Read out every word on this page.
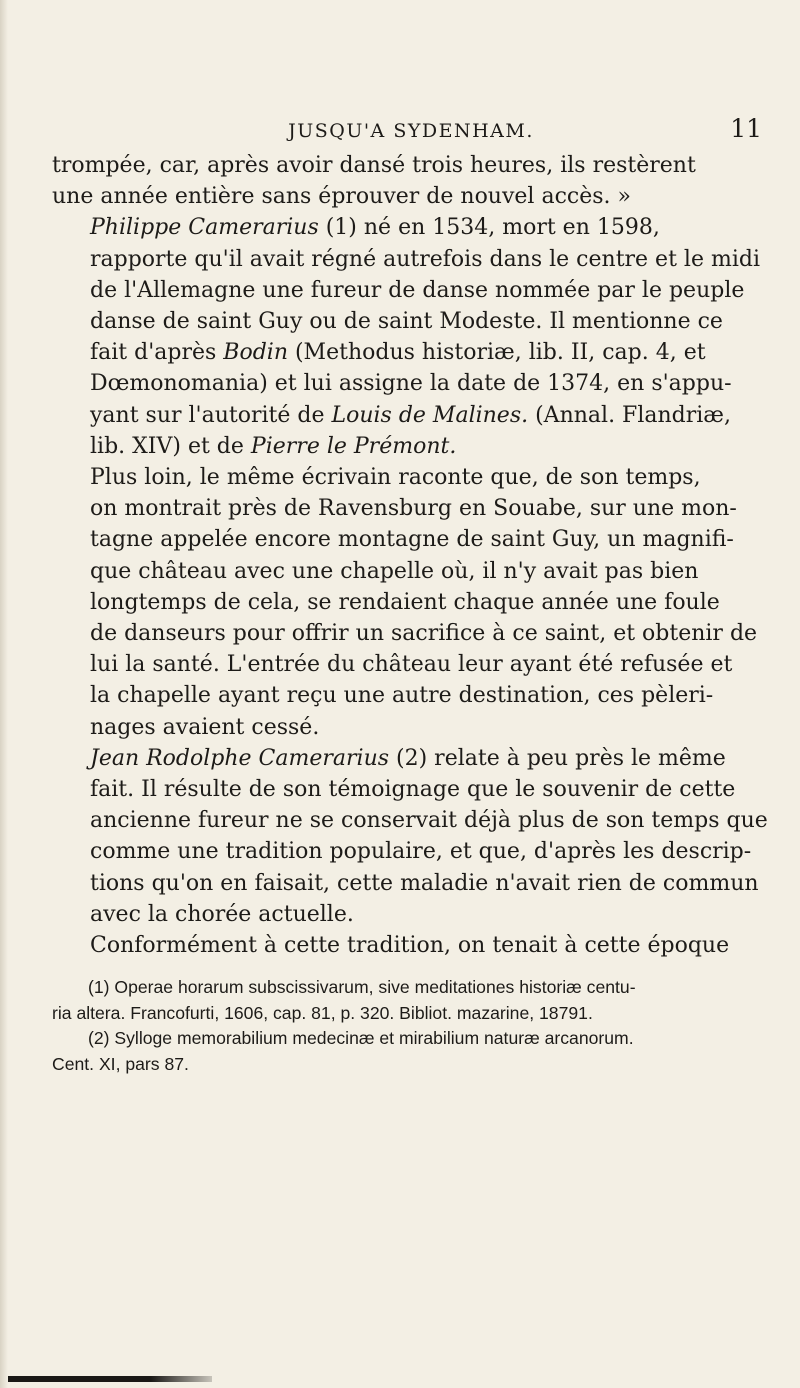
JUSQU'A SYDENHAM.	11

trompée, car, après avoir dansé trois heures, ils restèrent
une année entière sans éprouver de nouvel accès. »

Philippe Camerarius (1) né en 1534, mort en 1598,
rapporte qu'il avait régné autrefois dans le centre et le midi
de l'Allemagne une fureur de danse nommée par le peuple
danse de saint Guy ou de saint Modeste. Il mentionne ce
fait d'après Bodin (Methodus historiæ, lib. II, cap. 4, et
Dœmonomania) et lui assigne la date de 1374, en s'appu-
yant sur l'autorité de Louis de Malines. (Annal. Flandriæ,
lib. XIV) et de Pierre le Prémont.

Plus loin, le même écrivain raconte que, de son temps,
on montrait près de Ravensburg en Souabe, sur une mon-
tagne appelée encore montagne de saint Guy, un magnifi-
que château avec une chapelle où, il n'y avait pas bien
longtemps de cela, se rendaient chaque année une foule
de danseurs pour offrir un sacrifice à ce saint, et obtenir de
lui la santé. L'entrée du château leur ayant été refusée et
la chapelle ayant reçu une autre destination, ces pèleri-
nages avaient cessé.

Jean Rodolphe Camerarius (2) relate à peu près le même
fait. Il résulte de son témoignage que le souvenir de cette
ancienne fureur ne se conservait déjà plus de son temps que
comme une tradition populaire, et que, d'après les descrip-
tions qu'on en faisait, cette maladie n'avait rien de commun
avec la chorée actuelle.

Conformément à cette tradition, on tenait à cette époque

(1) Operae horarum subscissivarum, sive meditationes historiæ centu-

ria altera. Francofurti, 1606, cap. 81, p. 320. Bibliot. mazarine, 18791.

(2) Sylloge memorabilium medecinæ et mirabilium naturæ arcanorum.

Cent. XI, pars 87.
